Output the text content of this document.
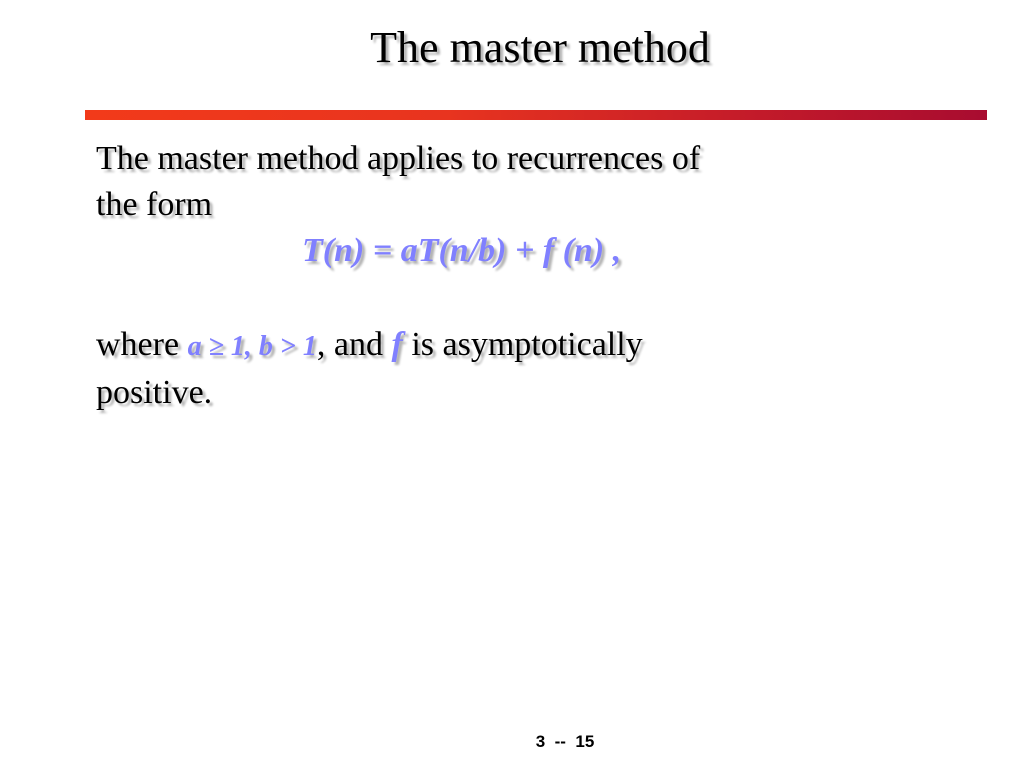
The master method
The master method applies to recurrences of
the form
T(n) = aT(n/b) + f (n) ,
where a ≥ 1, b > 1, and f is asymptotically
positive.
3  --  15
